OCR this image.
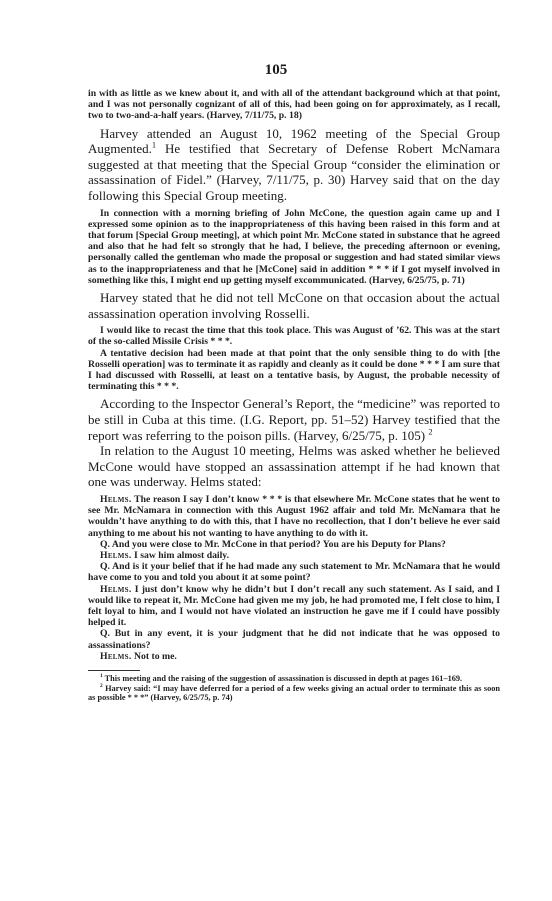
105

in with as little as we knew about it, and with all of the attendant background which at that point, and I was not personally cognizant of all of this, had been going on for approximately, as I recall, two to two-and-a-half years. (Harvey, 7/11/75, p. 18)

Harvey attended an August 10, 1962 meeting of the Special Group Augmented.$^1$ He testified that Secretary of Defense Robert McNamara suggested at that meeting that the Special Group “consider the elimination or assassination of Fidel.” (Harvey, 7/11/75, p. 30) Harvey said that on the day following this Special Group meeting.

In connection with a morning briefing of John McCone, the question again came up and I expressed some opinion as to the inappropriateness of this having been raised in this form and at that forum [Special Group meeting], at which point Mr. McCone stated in substance that he agreed and also that he had felt so strongly that he had, I believe, the preceding afternoon or evening, personally called the gentleman who made the proposal or suggestion and had stated similar views as to the inappropriateness and that he [McCone] said in addition * * * if I got myself involved in something like this, I might end up getting myself excommunicated. (Harvey, 6/25/75, p. 71)

Harvey stated that he did not tell McCone on that occasion about the actual assassination operation involving Rosselli.

I would like to recast the time that this took place. This was August of ’62. This was at the start of the so-called Missile Crisis * * *.

A tentative decision had been made at that point that the only sensible thing to do with [the Rosselli operation] was to terminate it as rapidly and cleanly as it could be done * * * I am sure that I had discussed with Rosselli, at least on a tentative basis, by August, the probable necessity of terminating this * * *.

According to the Inspector General’s Report, the “medicine” was reported to be still in Cuba at this time. (I.G. Report, pp. 51–52) Harvey testified that the report was referring to the poison pills. (Harvey, 6/25/75, p. 105) $^2$

In relation to the August 10 meeting, Helms was asked whether he believed McCone would have stopped an assassination attempt if he had known that one was underway. Helms stated:

Helms. The reason I say I don’t know * * * is that elsewhere Mr. McCone states that he went to see Mr. McNamara in connection with this August 1962 affair and told Mr. McNamara that he wouldn’t have anything to do with this, that I have no recollection, that I don’t believe he ever said anything to me about his not wanting to have anything to do with it.

Q. And you were close to Mr. McCone in that period? You are his Deputy for Plans?

Helms. I saw him almost daily.

Q. And is it your belief that if he had made any such statement to Mr. McNamara that he would have come to you and told you about it at some point?

Helms. I just don’t know why he didn’t but I don’t recall any such statement. As I said, and I would like to repeat it, Mr. McCone had given me my job, he had promoted me, I felt close to him, I felt loyal to him, and I would not have violated an instruction he gave me if I could have possibly helped it.

Q. But in any event, it is your judgment that he did not indicate that he was opposed to assassinations?

Helms. Not to me.

$^1$ This meeting and the raising of the suggestion of assassination is discussed in depth at pages 161–169.

$^2$ Harvey said: “I may have deferred for a period of a few weeks giving an actual order to terminate this as soon as possible * * *” (Harvey, 6/25/75, p. 74)
